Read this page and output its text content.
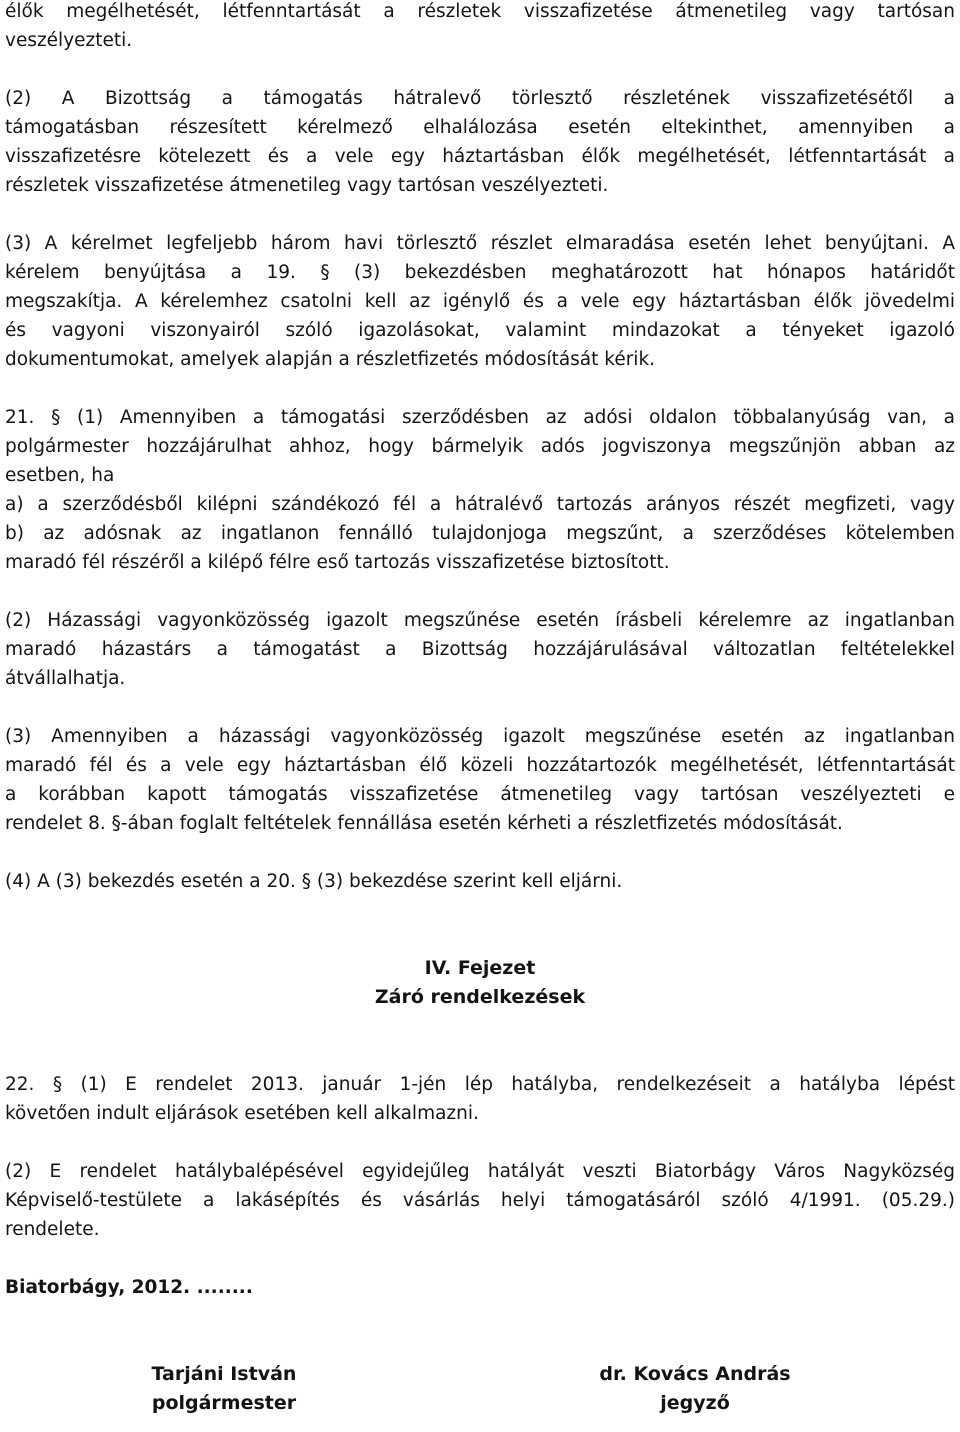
élők megélhetését, létfenntartását a részletek visszafizetése átmenetileg vagy tartósan
veszélyezteti.
(2) A Bizottság a támogatás hátralevő törlesztő részletének visszafizetésétől a
támogatásban részesített kérelmező elhalálozása esetén eltekinthet, amennyiben a
visszafizetésre kötelezett és a vele egy háztartásban élők megélhetését, létfenntartását a
részletek visszafizetése átmenetileg vagy tartósan veszélyezteti.
(3) A kérelmet legfeljebb három havi törlesztő részlet elmaradása esetén lehet benyújtani. A
kérelem benyújtása a 19. § (3) bekezdésben meghatározott hat hónapos határidőt
megszakítja. A kérelemhez csatolni kell az igénylő és a vele egy háztartásban élők jövedelmi
és vagyoni viszonyairól szóló igazolásokat, valamint mindazokat a tényeket igazoló
dokumentumokat, amelyek alapján a részletfizetés módosítását kérik.
21. § (1) Amennyiben a támogatási szerződésben az adósi oldalon többalanyúság van, a
polgármester hozzájárulhat ahhoz, hogy bármelyik adós jogviszonya megszűnjön abban az
esetben, ha
a) a szerződésből kilépni szándékozó fél a hátralévő tartozás arányos részét megfizeti, vagy
b) az adósnak az ingatlanon fennálló tulajdonjoga megszűnt, a szerződéses kötelemben
maradó fél részéről a kilépő félre eső tartozás visszafizetése biztosított.
(2) Házassági vagyonközösség igazolt megszűnése esetén írásbeli kérelemre az ingatlanban
maradó házastárs a támogatást a Bizottság hozzájárulásával változatlan feltételekkel
átvállalhatja.
(3) Amennyiben a házassági vagyonközösség igazolt megszűnése esetén az ingatlanban
maradó fél és a vele egy háztartásban élő közeli hozzátartozók megélhetését, létfenntartását
a korábban kapott támogatás visszafizetése átmenetileg vagy tartósan veszélyezteti e
rendelet 8. §-ában foglalt feltételek fennállása esetén kérheti a részletfizetés módosítását.
(4) A (3) bekezdés esetén a 20. § (3) bekezdése szerint kell eljárni.
IV. Fejezet
Záró rendelkezések
22. § (1) E rendelet 2013. január 1-jén lép hatályba, rendelkezéseit a hatályba lépést
követően indult eljárások esetében kell alkalmazni.
(2) E rendelet hatálybalépésével egyidejűleg hatályát veszti Biatorbágy Város Nagyközség
Képviselő-testülete a lakásépítés és vásárlás helyi támogatásáról szóló 4/1991. (05.29.)
rendelete.
Biatorbágy, 2012. ........
Tarjáni István
polgármester
dr. Kovács András
jegyző
